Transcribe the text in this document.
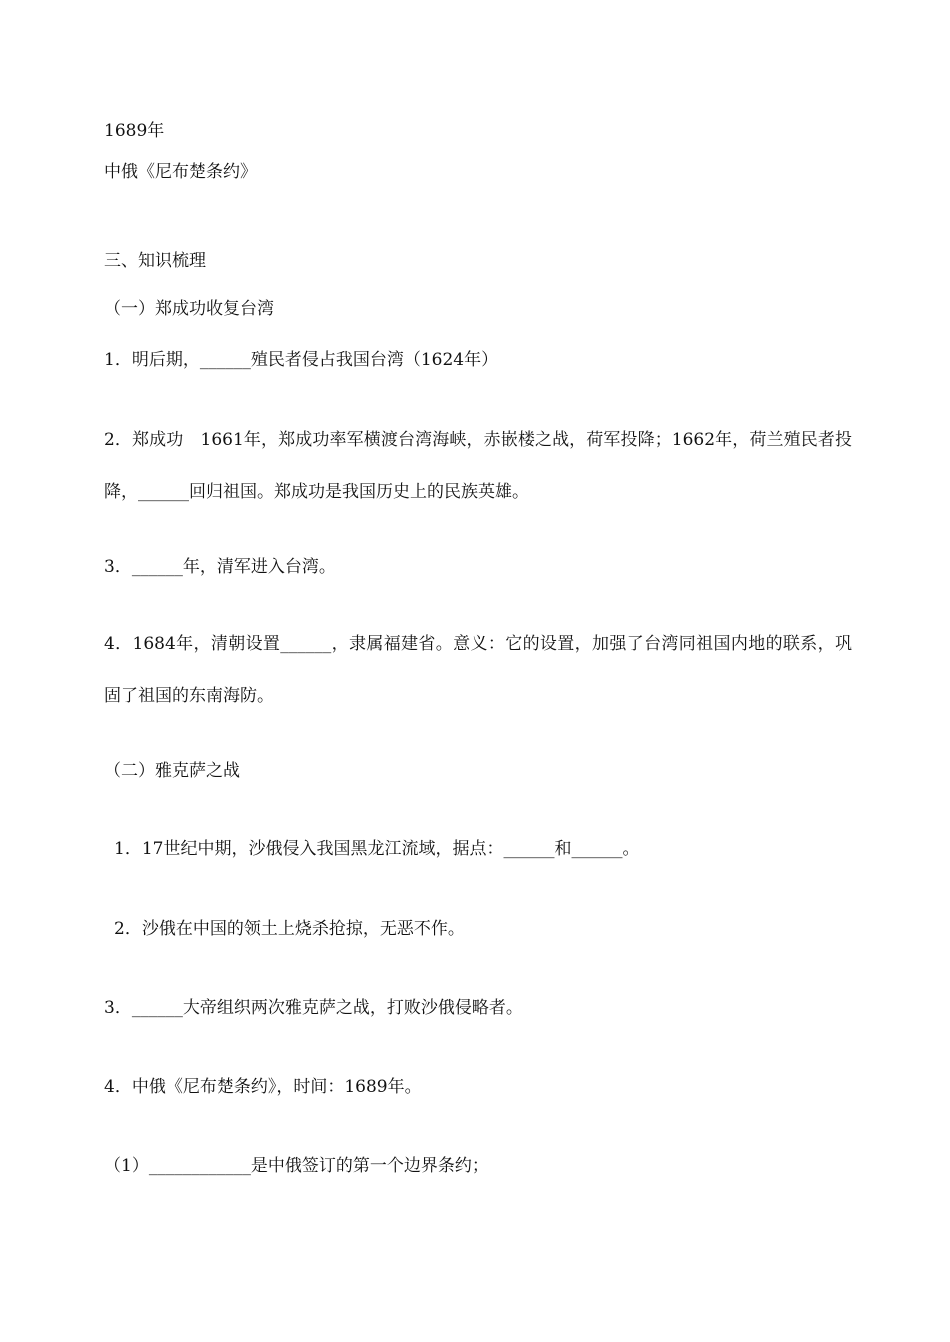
1689年
中俄《尼布楚条约》
三、知识梳理
（一）郑成功收复台湾
1．明后期，______殖民者侵占我国台湾（1624年）
2．郑成功　1661年，郑成功率军横渡台湾海峡，赤嵌楼之战，荷军投降；1662年，荷兰殖民者投降，______回归祖国。郑成功是我国历史上的民族英雄。
3．______年，清军进入台湾。
4．1684年，清朝设置______，隶属福建省。意义：它的设置，加强了台湾同祖国内地的联系，巩固了祖国的东南海防。
（二）雅克萨之战
1．17世纪中期，沙俄侵入我国黑龙江流域，据点：______和______。
2．沙俄在中国的领土上烧杀抢掠，无恶不作。
3．______大帝组织两次雅克萨之战，打败沙俄侵略者。
4．中俄《尼布楚条约》，时间：1689年。
（1）____________是中俄签订的第一个边界条约；
